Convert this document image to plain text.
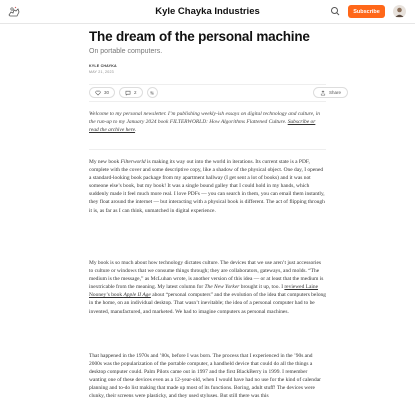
Kyle Chayka Industries	Subscribe
The dream of the personal machine
On portable computers.
KYLE CHAYKA
MAY 21, 2023
30	2	Share
Welcome to my personal newsletter. I’m publishing weekly-ish essays on digital technology and culture, in the run-up to my January 2024 book FILTERWORLD: How Algorithms Flattened Culture. Subscribe or read the archive here.
My new book Filterworld is making its way out into the world in iterations. Its current state is a PDF, complete with the cover and some descriptive copy, like a shadow of the physical object. One day, I opened a standard-looking book package from my apartment hallway (I get sent a lot of books) and it was not someone else’s book, but my book! It was a single bound galley that I could hold in my hands, which suddenly made it feel much more real. I love PDFs — you can search in them, you can email them instantly, they float around the internet — but interacting with a physical book is different. The act of flipping through it is, as far as I can think, unmatched in digital experience.
My book is so much about how technology dictates culture. The devices that we use aren’t just accessories to culture or windows that we consume things through; they are collaborators, gateways, and molds. “The medium is the message,” as McLuhan wrote, is another version of this idea — or at least that the medium is inextricable from the meaning. My latest column for The New Yorker brought it up, too. I reviewed Laine Nooney’s book Apple II Age about “personal computers” and the evolution of the idea that computers belong in the home, on an individual desktop. That wasn’t inevitable; the idea of a personal computer had to be invented, manufactured, and marketed. We had to imagine computers as personal machines.
That happened in the 1970s and ’80s, before I was born. The process that I experienced in the ’90s and 2000s was the popularization of the portable computer, a handheld device that could do all the things a desktop computer could. Palm Pilots came out in 1997 and the first BlackBerry in 1999. I remember wanting one of these devices even as a 12-year-old, when I would have had no use for the kind of calendar planning and to-do list making that made up most of its functions. Boring, adult stuff! The devices were clunky, their screens were plasticky, and they used styluses. But still there was this
